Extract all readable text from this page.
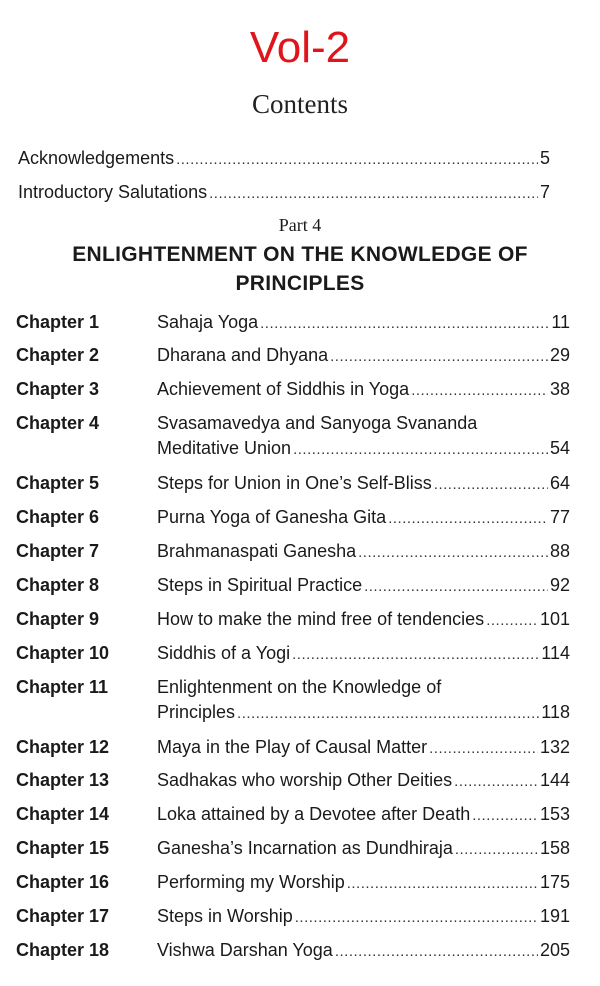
Vol-2
Contents
Acknowledgements .....	5
Introductory Salutations .....	7
Part 4
ENLIGHTENMENT ON THE KNOWLEDGE OF
PRINCIPLES
Chapter 1	Sahaja Yoga .....	11
Chapter 2	Dharana and Dhyana .....	29
Chapter 3	Achievement of Siddhis in Yoga .....	38
Chapter 4	Svasamavedya and Sanyoga Svananda
Meditative Union .....	54
Chapter 5	Steps for Union in One’s Self-Bliss .....	64
Chapter 6	Purna Yoga of Ganesha Gita .....	77
Chapter 7	Brahmanaspati Ganesha .....	88
Chapter 8	Steps in Spiritual Practice .....	92
Chapter 9	How to make the mind free of tendencies .....	101
Chapter 10	Siddhis of a Yogi .....	114
Chapter 11	Enlightenment on the Knowledge of
Principles .....	118
Chapter 12	Maya in the Play of Causal Matter .....	132
Chapter 13	Sadhakas who worship Other Deities .....	144
Chapter 14	Loka attained by a Devotee after Death .....	153
Chapter 15	Ganesha’s Incarnation as Dundhiraja .....	158
Chapter 16	Performing my Worship .....	175
Chapter 17	Steps in Worship .....	191
Chapter 18	Vishwa Darshan Yoga .....	205
